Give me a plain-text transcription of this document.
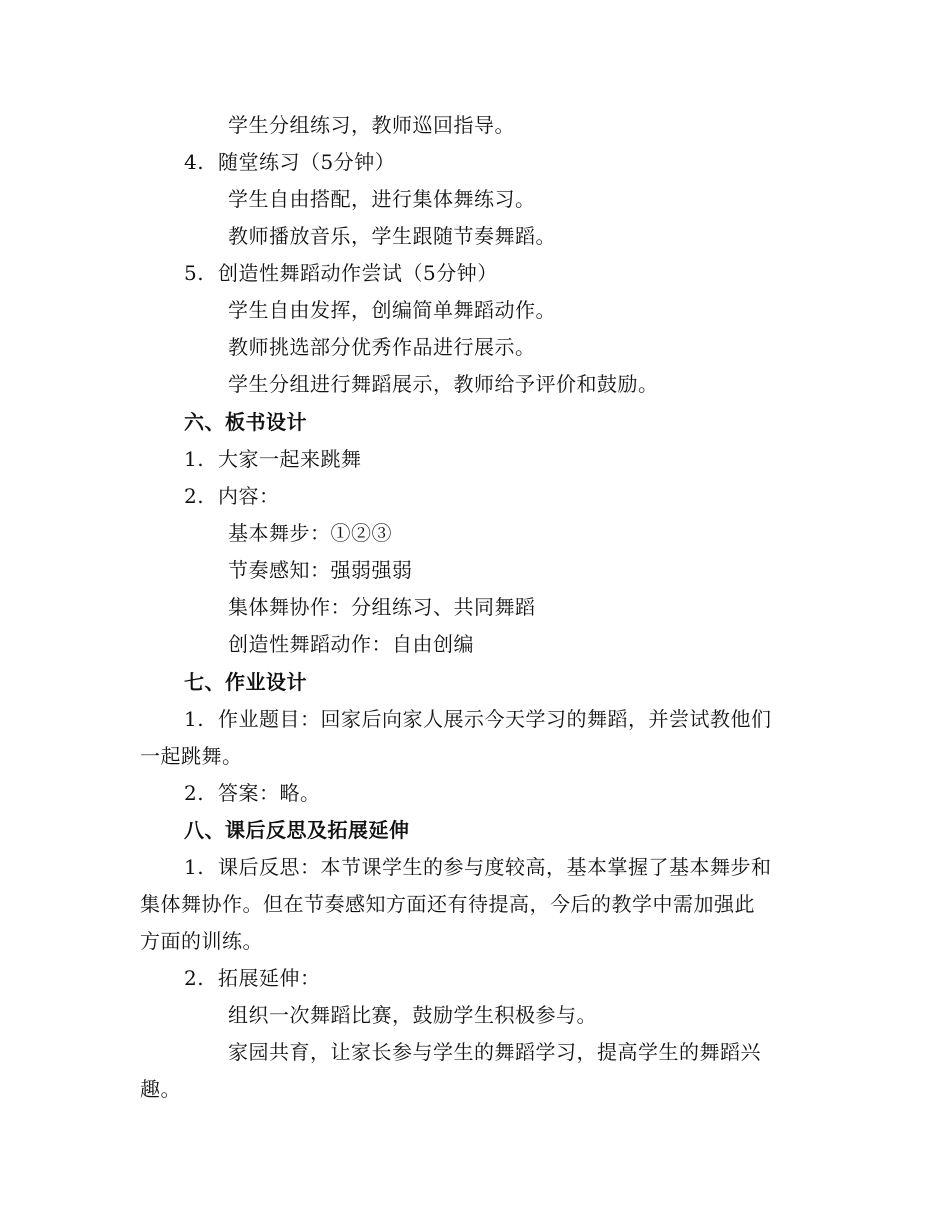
学生分组练习，教师巡回指导。
4. 随堂练习（5分钟）
学生自由搭配，进行集体舞练习。
教师播放音乐，学生跟随节奏舞蹈。
5. 创造性舞蹈动作尝试（5分钟）
学生自由发挥，创编简单舞蹈动作。
教师挑选部分优秀作品进行展示。
学生分组进行舞蹈展示，教师给予评价和鼓励。
六、板书设计
1. 大家一起来跳舞
2. 内容：
基本舞步：①②③
节奏感知：强弱强弱
集体舞协作：分组练习、共同舞蹈
创造性舞蹈动作：自由创编
七、作业设计
1. 作业题目：回家后向家人展示今天学习的舞蹈，并尝试教他们
一起跳舞。
2. 答案：略。
八、课后反思及拓展延伸
1. 课后反思：本节课学生的参与度较高，基本掌握了基本舞步和
集体舞协作。但在节奏感知方面还有待提高，今后的教学中需加强此
方面的训练。
2. 拓展延伸：
组织一次舞蹈比赛，鼓励学生积极参与。
家园共育，让家长参与学生的舞蹈学习，提高学生的舞蹈兴
趣。
